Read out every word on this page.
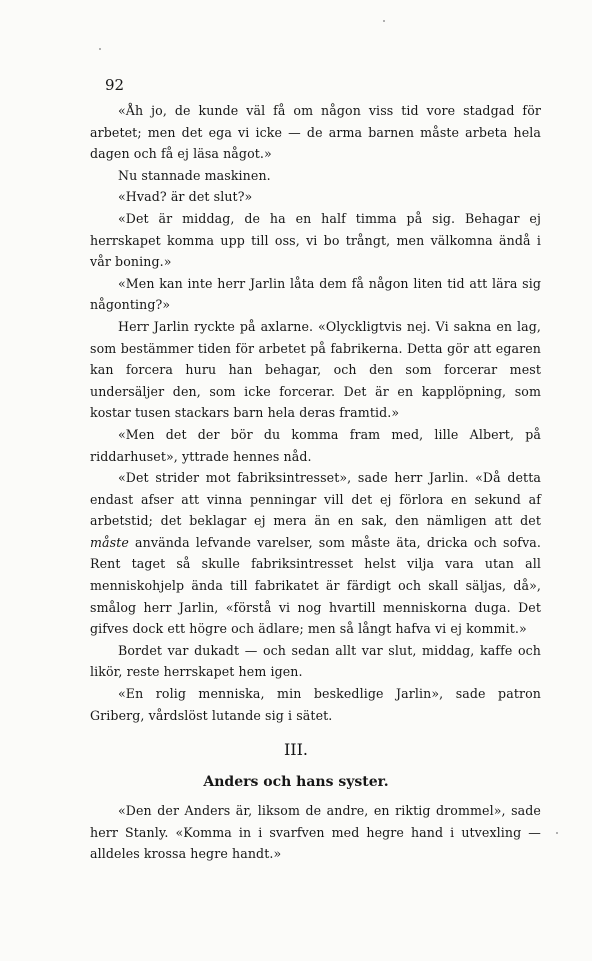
92

«Åh jo, de kunde väl få om någon viss tid vore stadgad för arbetet; men det ega vi icke — de arma barnen måste arbeta hela dagen och få ej läsa något.»

Nu stannade maskinen.

«Hvad? är det slut?»

«Det är middag, de ha en half timma på sig. Behagar ej herrskapet komma upp till oss, vi bo trångt, men välkomna ändå i vår boning.»

«Men kan inte herr Jarlin låta dem få någon liten tid att lära sig någonting?»

Herr Jarlin ryckte på axlarne. «Olyckligtvis nej. Vi sakna en lag, som bestämmer tiden för arbetet på fabrikerna. Detta gör att egaren kan forcera huru han behagar, och den som forcerar mest undersäljer den, som icke forcerar. Det är en kapplöpning, som kostar tusen stackars barn hela deras framtid.»

«Men det der bör du komma fram med, lille Albert, på riddarhuset», yttrade hennes nåd.

«Det strider mot fabriksintresset», sade herr Jarlin. «Då detta endast afser att vinna penningar vill det ej förlora en sekund af arbetstid; det beklagar ej mera än en sak, den nämligen att det måste använda lefvande varelser, som måste äta, dricka och sofva. Rent taget så skulle fabriksintresset helst vilja vara utan all menniskohjelp ända till fabrikatet är färdigt och skall säljas, då», smålog herr Jarlin, «förstå vi nog hvartill menniskorna duga. Det gifves dock ett högre och ädlare; men så långt hafva vi ej kommit.»

Bordet var dukadt — och sedan allt var slut, middag, kaffe och likör, reste herrskapet hem igen.

«En rolig menniska, min beskedlige Jarlin», sade patron Griberg, vårdslöst lutande sig i sätet.

III.

Anders och hans syster.

«Den der Anders är, liksom de andre, en riktig drommel», sade herr Stanly. «Komma in i svarfven med hegre hand i utvexling — alldeles krossa hegre handt.»
